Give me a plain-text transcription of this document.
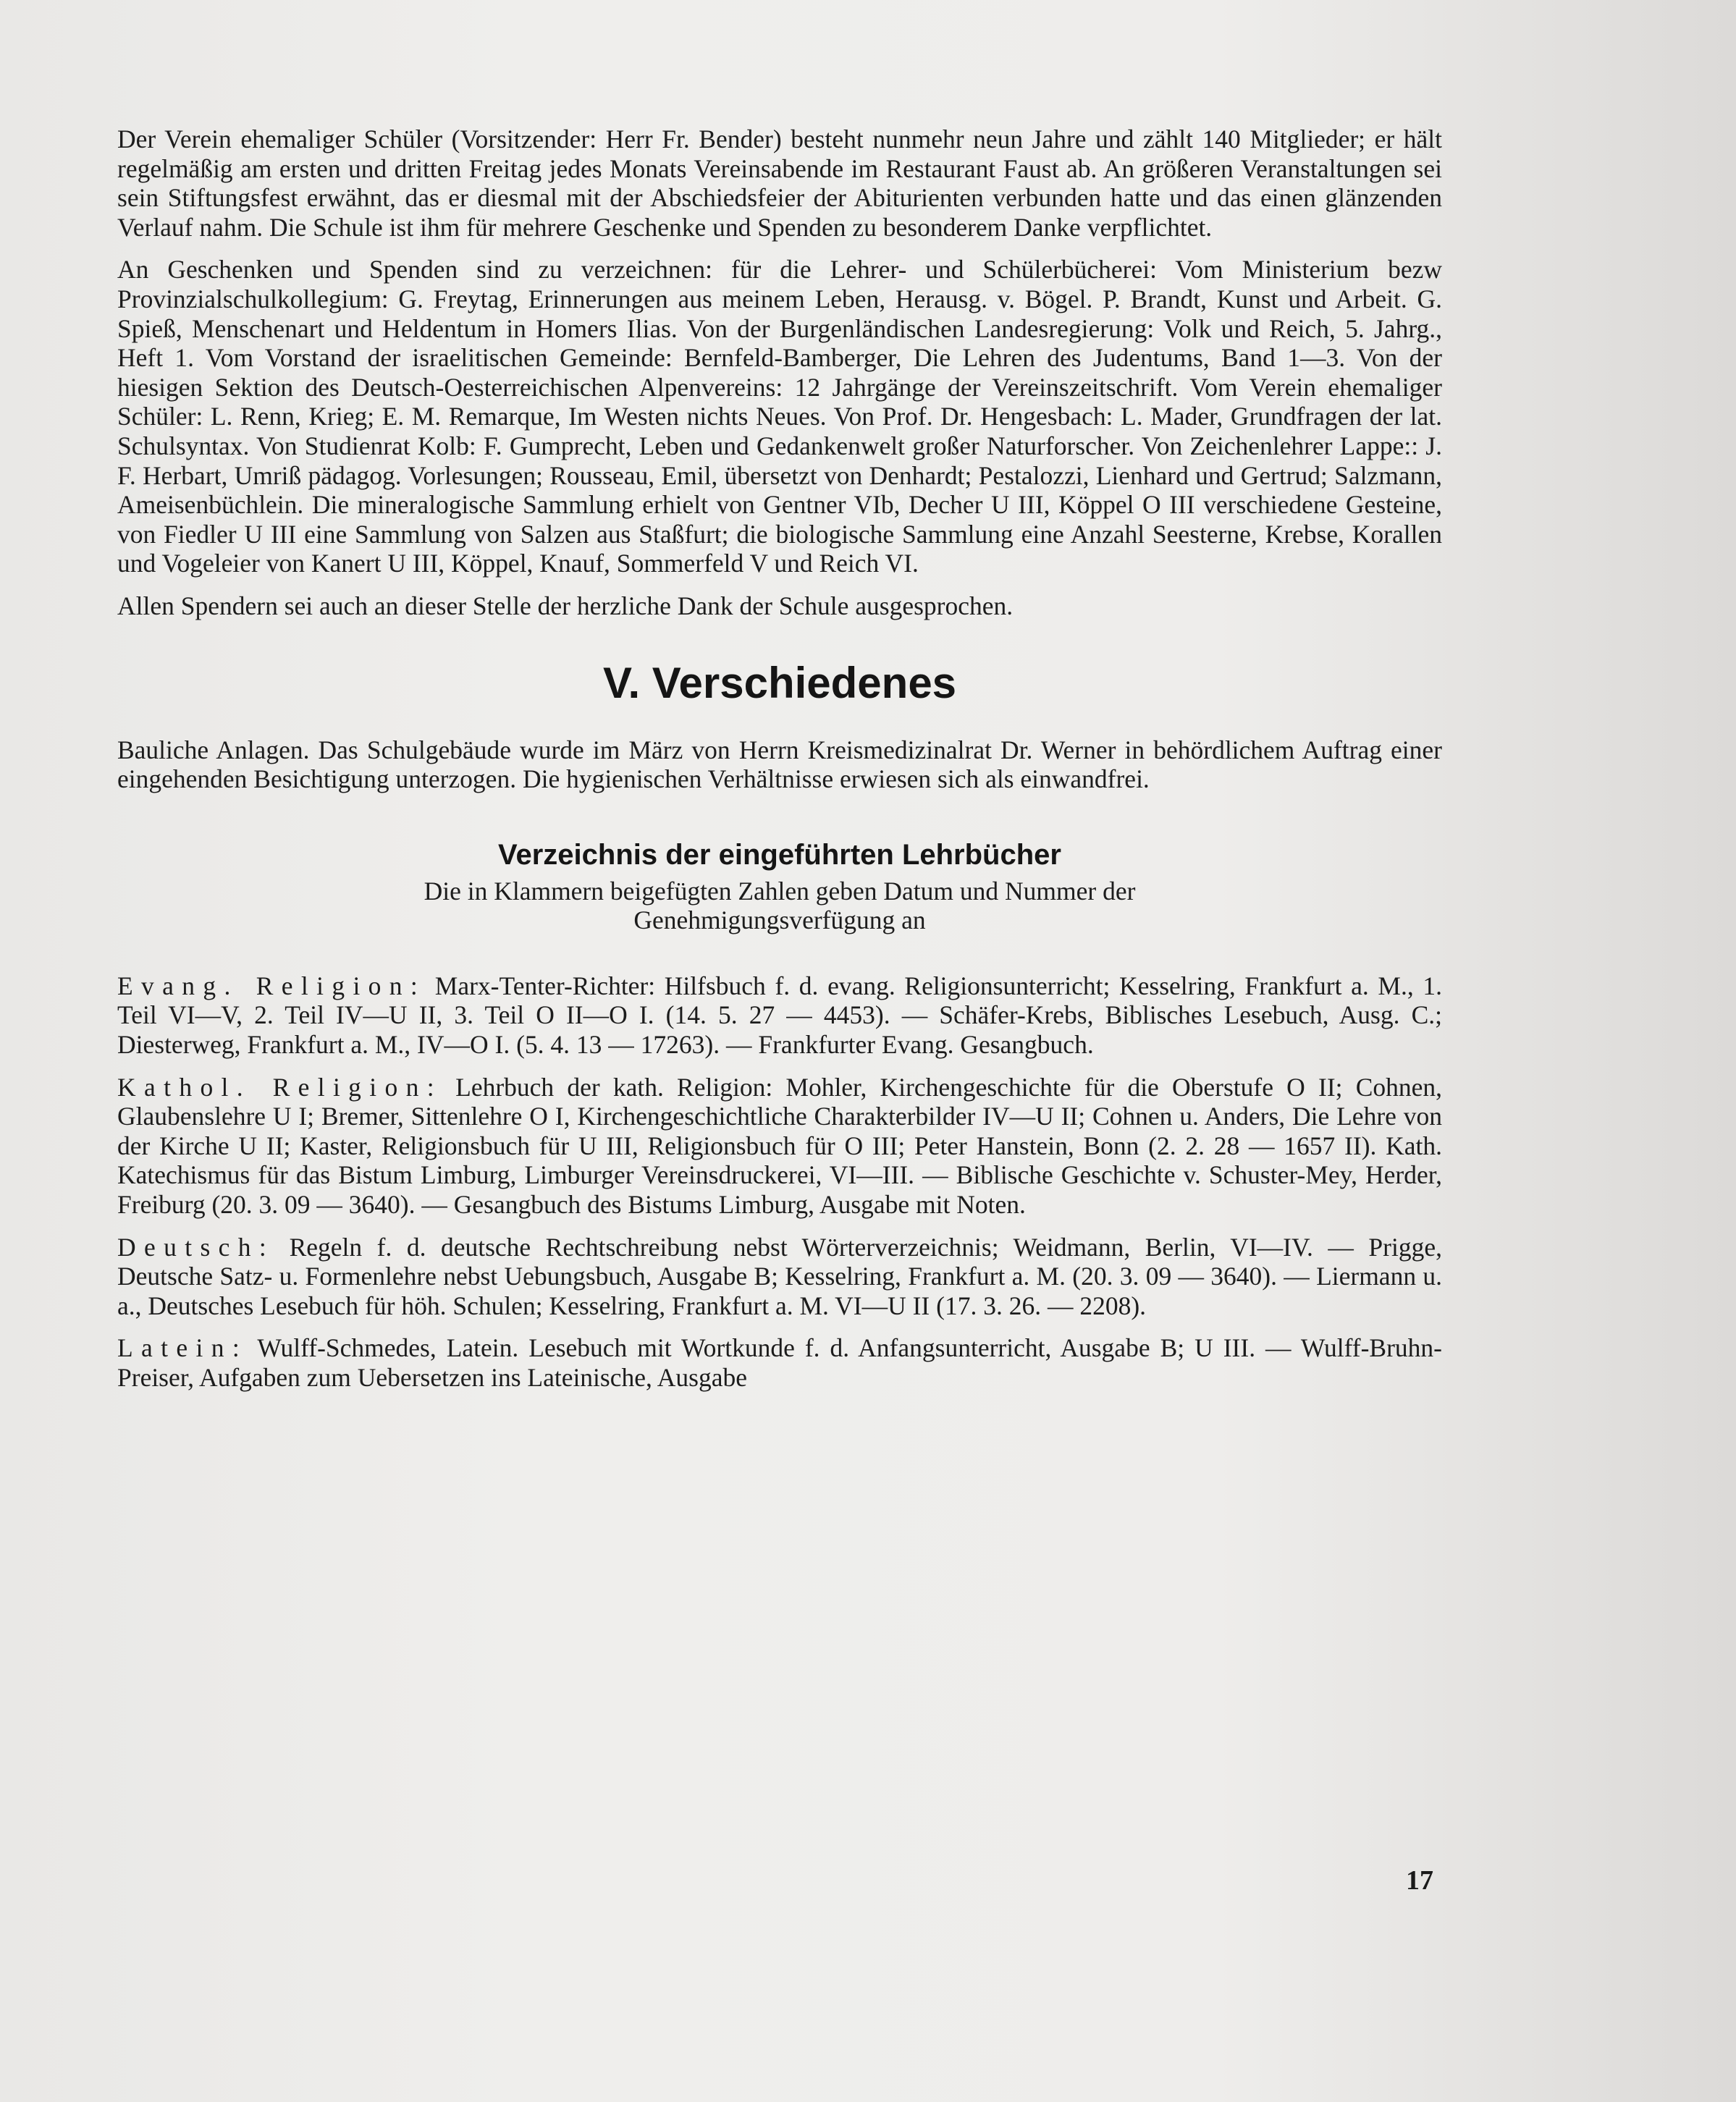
Der Verein ehemaliger Schüler (Vorsitzender: Herr Fr. Bender) besteht nunmehr neun Jahre und zählt 140 Mitglieder; er hält regelmäßig am ersten und dritten Freitag jedes Monats Vereinsabende im Restaurant Faust ab. An größeren Veranstaltungen sei sein Stiftungsfest erwähnt, das er diesmal mit der Abschiedsfeier der Abiturienten verbunden hatte und das einen glänzenden Verlauf nahm. Die Schule ist ihm für mehrere Geschenke und Spenden zu besonderem Danke verpflichtet.

An Geschenken und Spenden sind zu verzeichnen: für die Lehrer- und Schülerbücherei: Vom Ministerium bezw Provinzialschulkollegium: G. Freytag, Erinnerungen aus meinem Leben, Herausg. v. Bögel. P. Brandt, Kunst und Arbeit. G. Spieß, Menschenart und Heldentum in Homers Ilias. Von der Burgenländischen Landesregierung: Volk und Reich, 5. Jahrg., Heft 1. Vom Vorstand der israelitischen Gemeinde: Bernfeld-Bamberger, Die Lehren des Judentums, Band 1—3. Von der hiesigen Sektion des Deutsch-Oesterreichischen Alpenvereins: 12 Jahrgänge der Vereinszeitschrift. Vom Verein ehemaliger Schüler: L. Renn, Krieg; E. M. Remarque, Im Westen nichts Neues. Von Prof. Dr. Hengesbach: L. Mader, Grundfragen der lat. Schulsyntax. Von Studienrat Kolb: F. Gumprecht, Leben und Gedankenwelt großer Naturforscher. Von Zeichenlehrer Lappe:: J. F. Herbart, Umriß pädagog. Vorlesungen; Rousseau, Emil, übersetzt von Denhardt; Pestalozzi, Lienhard und Gertrud; Salzmann, Ameisenbüchlein. Die mineralogische Sammlung erhielt von Gentner VIb, Decher U III, Köppel O III verschiedene Gesteine, von Fiedler U III eine Sammlung von Salzen aus Staßfurt; die biologische Sammlung eine Anzahl Seesterne, Krebse, Korallen und Vogeleier von Kanert U III, Köppel, Knauf, Sommerfeld V und Reich VI.

Allen Spendern sei auch an dieser Stelle der herzliche Dank der Schule ausgesprochen.

V. Verschiedenes

Bauliche Anlagen. Das Schulgebäude wurde im März von Herrn Kreismedizinalrat Dr. Werner in behördlichem Auftrag einer eingehenden Besichtigung unterzogen. Die hygienischen Verhältnisse erwiesen sich als einwandfrei.

Verzeichnis der eingeführten Lehrbücher
Die in Klammern beigefügten Zahlen geben Datum und Nummer der
Genehmigungsverfügung an

Evang. Religion: Marx-Tenter-Richter: Hilfsbuch f. d. evang. Religionsunterricht; Kesselring, Frankfurt a. M., 1. Teil VI—V, 2. Teil IV—U II, 3. Teil O II—O I. (14. 5. 27 — 4453). — Schäfer-Krebs, Biblisches Lesebuch, Ausg. C.; Diesterweg, Frankfurt a. M., IV—O I. (5. 4. 13 — 17263). — Frankfurter Evang. Gesangbuch.

Kathol. Religion: Lehrbuch der kath. Religion: Mohler, Kirchengeschichte für die Oberstufe O II; Cohnen, Glaubenslehre U I; Bremer, Sittenlehre O I, Kirchengeschichtliche Charakterbilder IV—U II; Cohnen u. Anders, Die Lehre von der Kirche U II; Kaster, Religionsbuch für U III, Religionsbuch für O III; Peter Hanstein, Bonn (2. 2. 28 — 1657 II). Kath. Katechismus für das Bistum Limburg, Limburger Vereinsdruckerei, VI—III. — Biblische Geschichte v. Schuster-Mey, Herder, Freiburg (20. 3. 09 — 3640). — Gesangbuch des Bistums Limburg, Ausgabe mit Noten.

Deutsch: Regeln f. d. deutsche Rechtschreibung nebst Wörterverzeichnis; Weidmann, Berlin, VI—IV. — Prigge, Deutsche Satz- u. Formenlehre nebst Uebungsbuch, Ausgabe B; Kesselring, Frankfurt a. M. (20. 3. 09 — 3640). — Liermann u. a., Deutsches Lesebuch für höh. Schulen; Kesselring, Frankfurt a. M. VI—U II (17. 3. 26. — 2208).

Latein: Wulff-Schmedes, Latein. Lesebuch mit Wortkunde f. d. Anfangsunterricht, Ausgabe B; U III. — Wulff-Bruhn-Preiser, Aufgaben zum Uebersetzen ins Lateinische, Ausgabe

17
